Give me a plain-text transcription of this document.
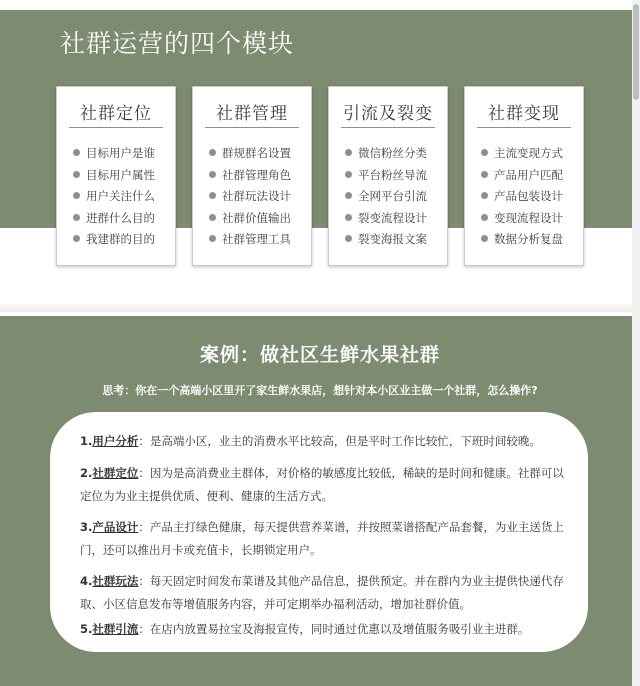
社群运营的四个模块
社群定位
目标用户是谁
目标用户属性
用户关注什么
进群什么目的
我建群的目的
社群管理
群规群名设置
社群管理角色
社群玩法设计
社群价值输出
社群管理工具
引流及裂变
微信粉丝分类
平台粉丝导流
全网平台引流
裂变流程设计
裂变海报文案
社群变现
主流变现方式
产品用户匹配
产品包装设计
变现流程设计
数据分析复盘
案例：做社区生鲜水果社群
思考：你在一个高端小区里开了家生鲜水果店，想针对本小区业主做一个社群，怎么操作?
1.用户分析：是高端小区，业主的消费水平比较高，但是平时工作比较忙，下班时间较晚。
2.社群定位：因为是高消费业主群体，对价格的敏感度比较低，稀缺的是时间和健康。社群可以定位为为业主提供优质、便利、健康的生活方式。
3.产品设计：产品主打绿色健康，每天提供营养菜谱，并按照菜谱搭配产品套餐，为业主送货上门，还可以推出月卡或充值卡，长期锁定用户。
4.社群玩法：每天固定时间发布菜谱及其他产品信息，提供预定。并在群内为业主提供快递代存取、小区信息发布等增值服务内容，并可定期举办福利活动，增加社群价值。
5.社群引流：在店内放置易拉宝及海报宣传，同时通过优惠以及增值服务吸引业主进群。
